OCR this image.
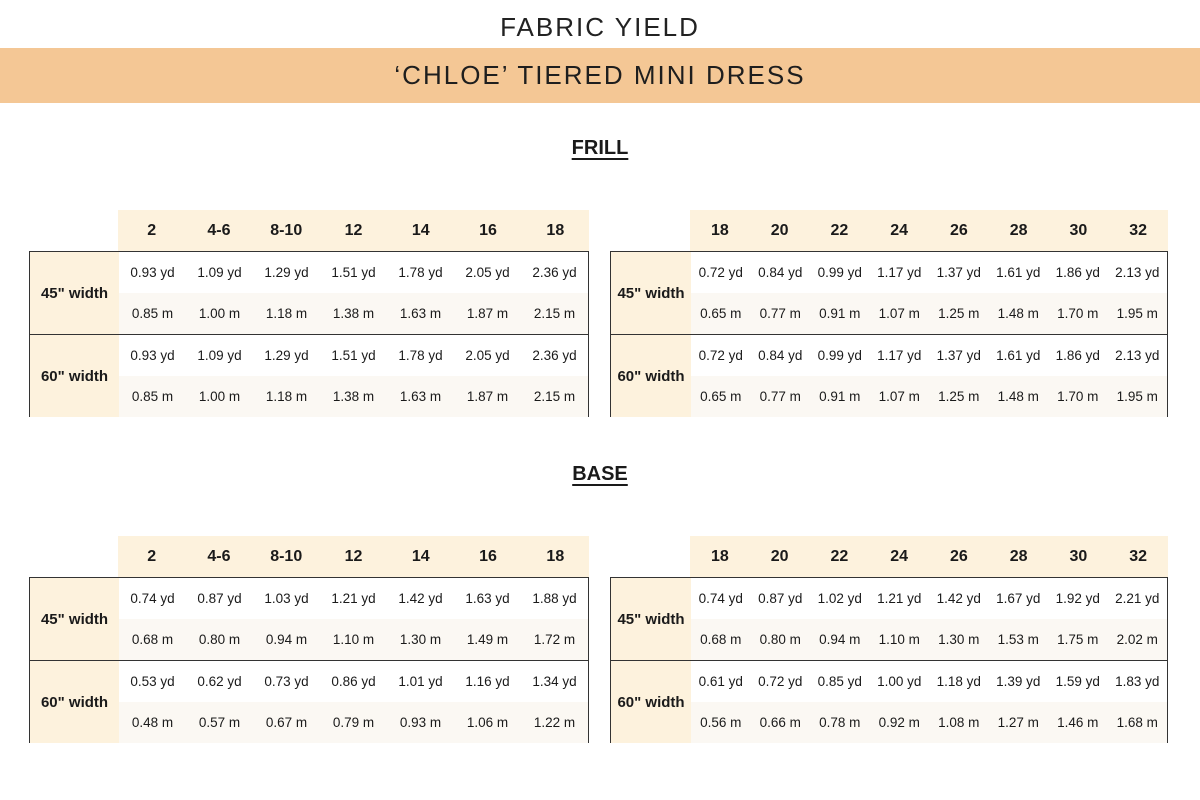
FABRIC YIELD
‘CHLOE’ TIERED MINI DRESS
FRILL
BASE
2	4-6	8-10	12	14	16	18
45" width
0.93 yd	1.09 yd	1.29 yd	1.51 yd	1.78 yd	2.05 yd	2.36 yd
0.85 m	1.00 m	1.18 m	1.38 m	1.63 m	1.87 m	2.15 m
60" width
0.93 yd	1.09 yd	1.29 yd	1.51 yd	1.78 yd	2.05 yd	2.36 yd
0.85 m	1.00 m	1.18 m	1.38 m	1.63 m	1.87 m	2.15 m
18	20	22	24	26	28	30	32
45" width
0.72 yd	0.84 yd	0.99 yd	1.17 yd	1.37 yd	1.61 yd	1.86 yd	2.13 yd
0.65 m	0.77 m	0.91 m	1.07 m	1.25 m	1.48 m	1.70 m	1.95 m
60" width
0.72 yd	0.84 yd	0.99 yd	1.17 yd	1.37 yd	1.61 yd	1.86 yd	2.13 yd
0.65 m	0.77 m	0.91 m	1.07 m	1.25 m	1.48 m	1.70 m	1.95 m
2	4-6	8-10	12	14	16	18
45" width
0.74 yd	0.87 yd	1.03 yd	1.21 yd	1.42 yd	1.63 yd	1.88 yd
0.68 m	0.80 m	0.94 m	1.10 m	1.30 m	1.49 m	1.72 m
60" width
0.53 yd	0.62 yd	0.73 yd	0.86 yd	1.01 yd	1.16 yd	1.34 yd
0.48 m	0.57 m	0.67 m	0.79 m	0.93 m	1.06 m	1.22 m
18	20	22	24	26	28	30	32
45" width
0.74 yd	0.87 yd	1.02 yd	1.21 yd	1.42 yd	1.67 yd	1.92 yd	2.21 yd
0.68 m	0.80 m	0.94 m	1.10 m	1.30 m	1.53 m	1.75 m	2.02 m
60" width
0.61 yd	0.72 yd	0.85 yd	1.00 yd	1.18 yd	1.39 yd	1.59 yd	1.83 yd
0.56 m	0.66 m	0.78 m	0.92 m	1.08 m	1.27 m	1.46 m	1.68 m
